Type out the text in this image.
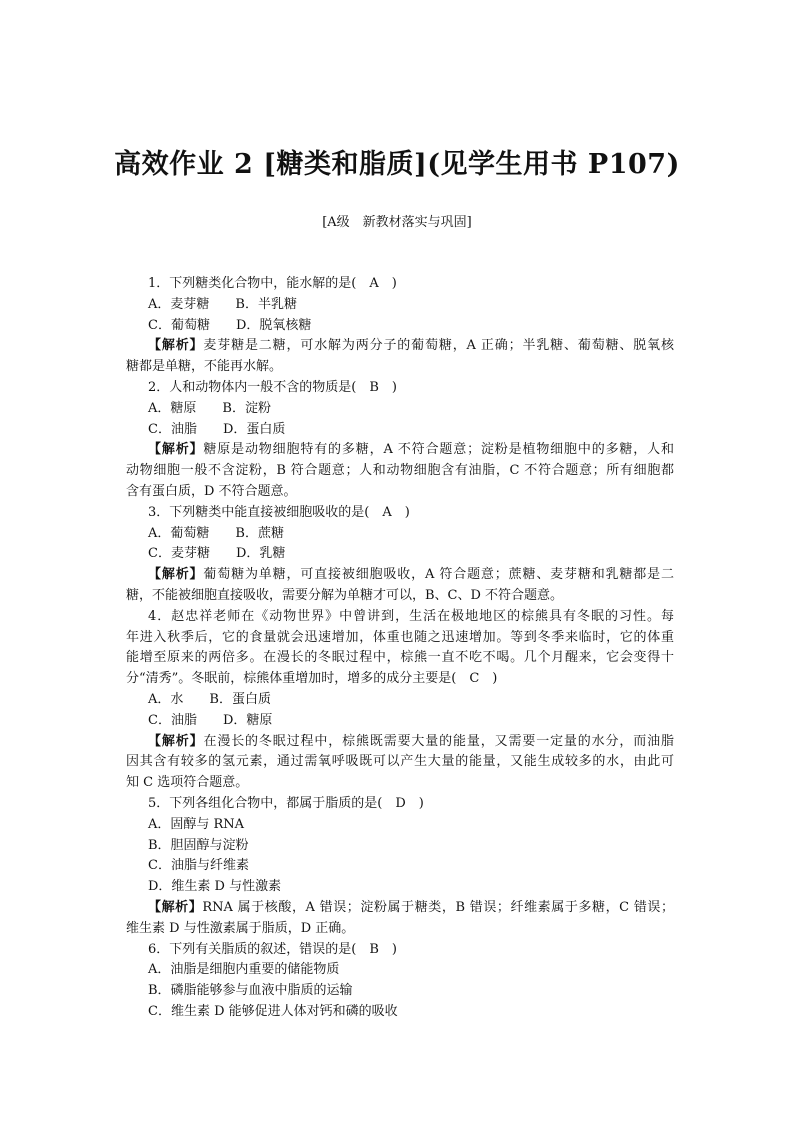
高效作业 2 [糖类和脂质](见学生用书 P107)
[A级　新教材落实与巩固]
1．下列糖类化合物中，能水解的是(　A　)
A．麦芽糖 B．半乳糖
C．葡萄糖 D．脱氧核糖
【解析】麦芽糖是二糖，可水解为两分子的葡萄糖，A 正确；半乳糖、葡萄糖、脱氧核
糖都是单糖，不能再水解。
2．人和动物体内一般不含的物质是(　B　)
A．糖原 B．淀粉
C．油脂 D．蛋白质
【解析】糖原是动物细胞特有的多糖，A 不符合题意；淀粉是植物细胞中的多糖，人和
动物细胞一般不含淀粉，B 符合题意；人和动物细胞含有油脂，C 不符合题意；所有细胞都
含有蛋白质，D 不符合题意。
3．下列糖类中能直接被细胞吸收的是(　A　)
A．葡萄糖 B．蔗糖
C．麦芽糖 D．乳糖
【解析】葡萄糖为单糖，可直接被细胞吸收，A 符合题意；蔗糖、麦芽糖和乳糖都是二
糖，不能被细胞直接吸收，需要分解为单糖才可以，B、C、D 不符合题意。
4．赵忠祥老师在《动物世界》中曾讲到，生活在极地地区的棕熊具有冬眠的习性。每
年进入秋季后，它的食量就会迅速增加，体重也随之迅速增加。等到冬季来临时，它的体重
能增至原来的两倍多。在漫长的冬眠过程中，棕熊一直不吃不喝。几个月醒来，它会变得十
分“清秀”。冬眠前，棕熊体重增加时，增多的成分主要是(　C　)
A．水 B．蛋白质
C．油脂 D．糖原
【解析】在漫长的冬眠过程中，棕熊既需要大量的能量，又需要一定量的水分，而油脂
因其含有较多的氢元素，通过需氧呼吸既可以产生大量的能量，又能生成较多的水，由此可
知 C 选项符合题意。
5．下列各组化合物中，都属于脂质的是(　D　)
A．固醇与 RNA
B．胆固醇与淀粉
C．油脂与纤维素
D．维生素 D 与性激素
【解析】RNA 属于核酸，A 错误；淀粉属于糖类，B 错误；纤维素属于多糖，C 错误；
维生素 D 与性激素属于脂质，D 正确。
6．下列有关脂质的叙述，错误的是(　B　)
A．油脂是细胞内重要的储能物质
B．磷脂能够参与血液中脂质的运输
C．维生素 D 能够促进人体对钙和磷的吸收
